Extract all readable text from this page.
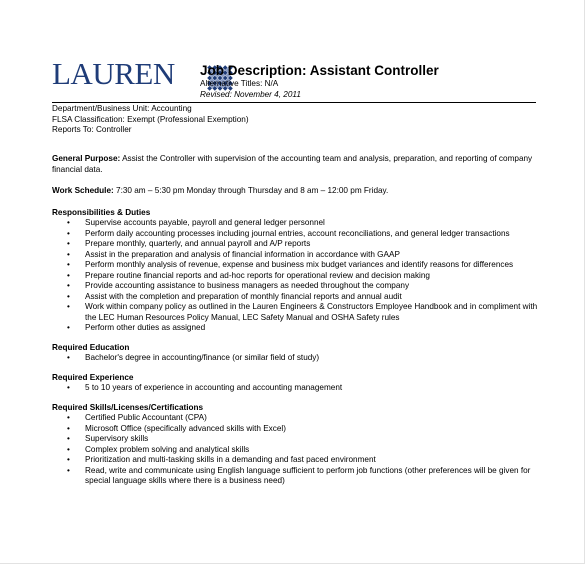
LAUREN Job Description: Assistant Controller
Alternative Titles: N/A
Revised: November 4, 2011
Department/Business Unit: Accounting
FLSA Classification: Exempt (Professional Exemption)
Reports To: Controller

General Purpose: Assist the Controller with supervision of the accounting team and analysis, preparation, and reporting of company financial data.

Work Schedule: 7:30 am – 5:30 pm Monday through Thursday and 8 am – 12:00 pm Friday.

Responsibilities & Duties

• Supervise accounts payable, payroll and general ledger personnel
• Perform daily accounting processes including journal entries, account reconciliations, and general ledger transactions
• Prepare monthly, quarterly, and annual payroll and A/P reports
• Assist in the preparation and analysis of financial information in accordance with GAAP
• Perform monthly analysis of revenue, expense and business mix budget variances and identify reasons for differences
• Prepare routine financial reports and ad-hoc reports for operational review and decision making
• Provide accounting assistance to business managers as needed throughout the company
• Assist with the completion and preparation of monthly financial reports and annual audit
• Work within company policy as outlined in the Lauren Engineers & Constructors Employee Handbook and in compliment with the LEC Human Resources Policy Manual, LEC Safety Manual and OSHA Safety rules
• Perform other duties as assigned

Required Education

• Bachelor's degree in accounting/finance (or similar field of study)

Required Experience

• 5 to 10 years of experience in accounting and accounting management

Required Skills/Licenses/Certifications

• Certified Public Accountant (CPA)
• Microsoft Office (specifically advanced skills with Excel)
• Supervisory skills
• Complex problem solving and analytical skills
• Prioritization and multi-tasking skills in a demanding and fast paced environment
• Read, write and communicate using English language sufficient to perform job functions (other preferences will be given for special language skills where there is a business need)
